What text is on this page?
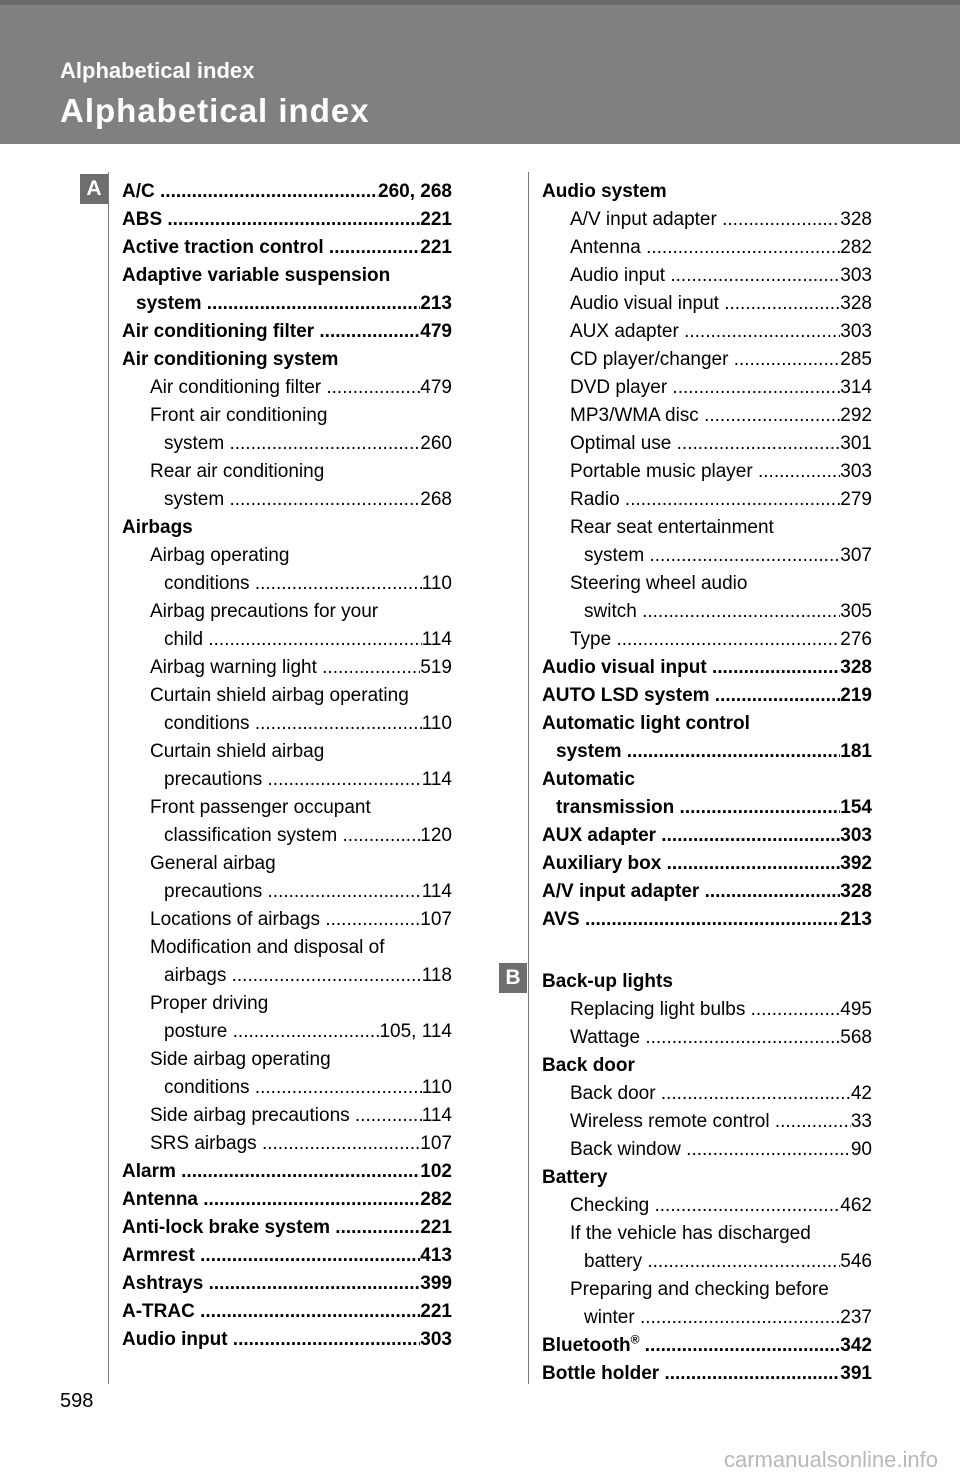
Alphabetical index
Alphabetical index
A
B
A/C .....	260, 268
ABS .....	221
Active traction control .....	221
Adaptive variable suspension
system .....	213
Air conditioning filter .....	479
Air conditioning system
Air conditioning filter .....	479
Front air conditioning
system .....	260
Rear air conditioning
system .....	268
Airbags
Airbag operating
conditions .....	110
Airbag precautions for your
child .....	114
Airbag warning light .....	519
Curtain shield airbag operating
conditions .....	110
Curtain shield airbag
precautions .....	114
Front passenger occupant
classification system .....	120
General airbag
precautions .....	114
Locations of airbags .....	107
Modification and disposal of
airbags .....	118
Proper driving
posture .....	105, 114
Side airbag operating
conditions .....	110
Side airbag precautions .....	114
SRS airbags .....	107
Alarm .....	102
Antenna .....	282
Anti-lock brake system .....	221
Armrest .....	413
Ashtrays .....	399
A-TRAC .....	221
Audio input .....	303
Audio system
A/V input adapter .....	328
Antenna .....	282
Audio input .....	303
Audio visual input .....	328
AUX adapter .....	303
CD player/changer .....	285
DVD player .....	314
MP3/WMA disc .....	292
Optimal use .....	301
Portable music player .....	303
Radio .....	279
Rear seat entertainment
system .....	307
Steering wheel audio
switch .....	305
Type .....	276
Audio visual input .....	328
AUTO LSD system .....	219
Automatic light control
system .....	181
Automatic
transmission .....	154
AUX adapter .....	303
Auxiliary box .....	392
A/V input adapter .....	328
AVS .....	213
Back-up lights
Replacing light bulbs .....	495
Wattage .....	568
Back door
Back door .....	42
Wireless remote control .....	33
Back window .....	90
Battery
Checking .....	462
If the vehicle has discharged
battery .....	546
Preparing and checking before
winter .....	237
Bluetooth® .....	342
Bottle holder .....	391
598
carmanualsonline.info
